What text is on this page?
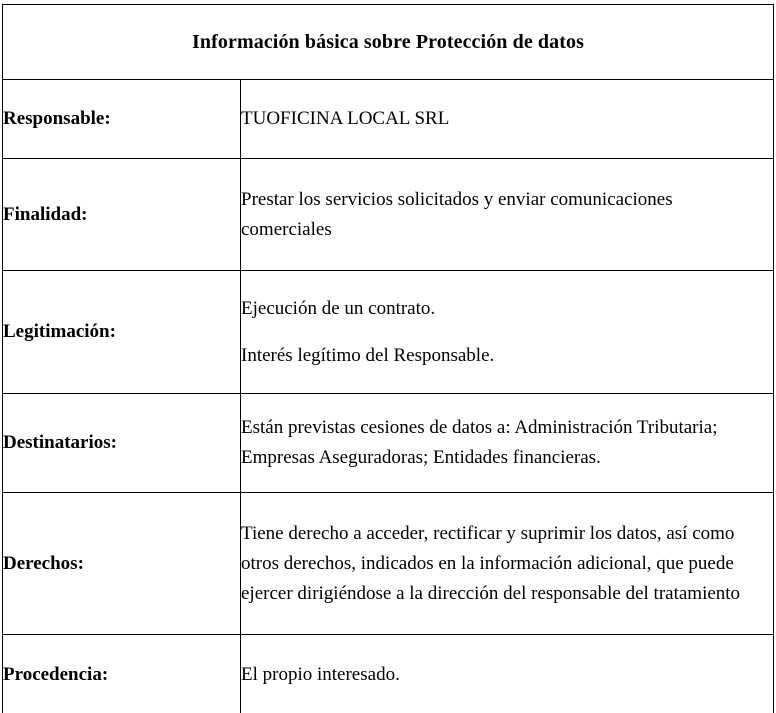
Información básica sobre Protección de datos	
Responsable:	TUOFICINA LOCAL SRL

Finalidad:	Prestar los servicios solicitados y enviar comunicaciones
comerciales

Legitimación:	Ejecución de un contrato.
Interés legítimo del Responsable.

Destinatarios:	Están previstas cesiones de datos a: Administración Tributaria;
Empresas Aseguradoras; Entidades financieras.

Derechos:	Tiene derecho a acceder, rectificar y suprimir los datos, así como
otros derechos, indicados en la información adicional, que puede
ejercer dirigiéndose a la dirección del responsable del tratamiento

Procedencia:	El propio interesado.
